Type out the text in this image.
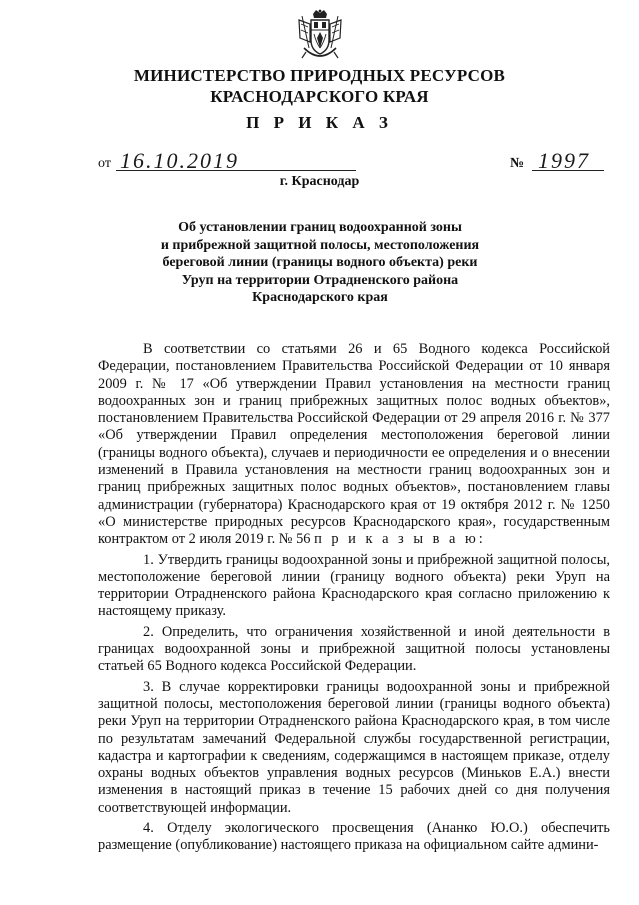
МИНИСТЕРСТВО ПРИРОДНЫХ РЕСУРСОВ
КРАСНОДАРСКОГО КРАЯ
П Р И К А З
от 16.10.2019	№ 1997
г. Краснодар
Об установлении границ водоохранной зоны
и прибрежной защитной полосы, местоположения
береговой линии (границы водного объекта) реки
Уруп на территории Отрадненского района
Краснодарского края

В соответствии со статьями 26 и 65 Водного кодекса Российской Федерации, постановлением Правительства Российской Федерации от 10 января 2009 г. № 17 «Об утверждении Правил установления на местности границ водоохранных зон и границ прибрежных защитных полос водных объектов», постановлением Правительства Российской Федерации от 29 апреля 2016 г. № 377 «Об утверждении Правил определения местоположения береговой линии (границы водного объекта), случаев и периодичности ее определения и о внесении изменений в Правила установления на местности границ водоохранных зон и границ прибрежных защитных полос водных объектов», постановлением главы администрации (губернатора) Краснодарского края от 19 октября 2012 г. № 1250 «О министерстве природных ресурсов Краснодарского края», государственным контрактом от 2 июля 2019 г. № 56 п р и к а з ы в а ю:

1. Утвердить границы водоохранной зоны и прибрежной защитной полосы, местоположение береговой линии (границу водного объекта) реки Уруп на территории Отрадненского района Краснодарского края согласно приложению к настоящему приказу.

2. Определить, что ограничения хозяйственной и иной деятельности в границах водоохранной зоны и прибрежной защитной полосы установлены статьей 65 Водного кодекса Российской Федерации.

3. В случае корректировки границы водоохранной зоны и прибрежной защитной полосы, местоположения береговой линии (границы водного объекта) реки Уруп на территории Отрадненского района Краснодарского края, в том числе по результатам замечаний Федеральной службы государственной регистрации, кадастра и картографии к сведениям, содержащимся в настоящем приказе, отделу охраны водных объектов управления водных ресурсов (Миньков Е.А.) внести изменения в настоящий приказ в течение 15 рабочих дней со дня получения соответствующей информации.

4. Отделу экологического просвещения (Ананко Ю.О.) обеспечить размещение (опубликование) настоящего приказа на официальном сайте админи-
